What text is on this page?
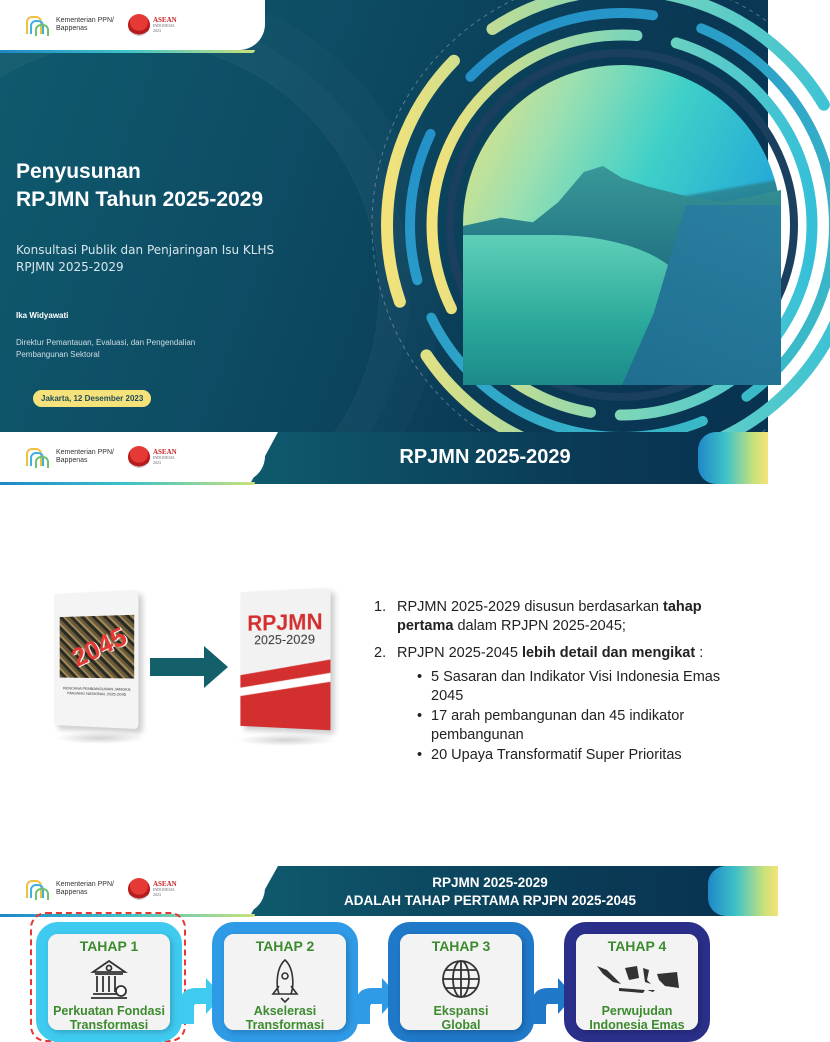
Kementerian PPN/
Bappenas
ASEAN
INDONESIA
2023
Penyusunan
RPJMN Tahun 2025-2029
Konsultasi Publik dan Penjaringan Isu KLHS
RPJMN 2025-2029
Ika Widyawati
Direktur Pemantauan, Evaluasi, dan Pengendalian
Pembangunan Sektoral
Jakarta, 12 Desember 2023
RPJMN 2025-2029
Kementerian PPN/
Bappenas
ASEAN
INDONESIA
2023
2045
RENCANA PEMBANGUNAN JANGKA PANJANG NASIONAL 2025-2045
RPJMN
2025-2029
1. RPJMN 2025-2029 disusun berdasarkan tahap pertama dalam RPJPN 2025-2045;
2. RPJPN 2025-2045 lebih detail dan mengikat :
• 5 Sasaran dan Indikator Visi Indonesia Emas 2045
• 17 arah pembangunan dan 45 indikator pembangunan
• 20 Upaya Transformatif Super Prioritas
RPJMN 2025-2029
ADALAH TAHAP PERTAMA RPJPN 2025-2045
Kementerian PPN/
Bappenas
ASEAN
INDONESIA
2023
TAHAP 1
Perkuatan Fondasi
Transformasi
TAHAP 2
Akselerasi
Transformasi
TAHAP 3
Ekspansi
Global
TAHAP 4
Perwujudan
Indonesia Emas
